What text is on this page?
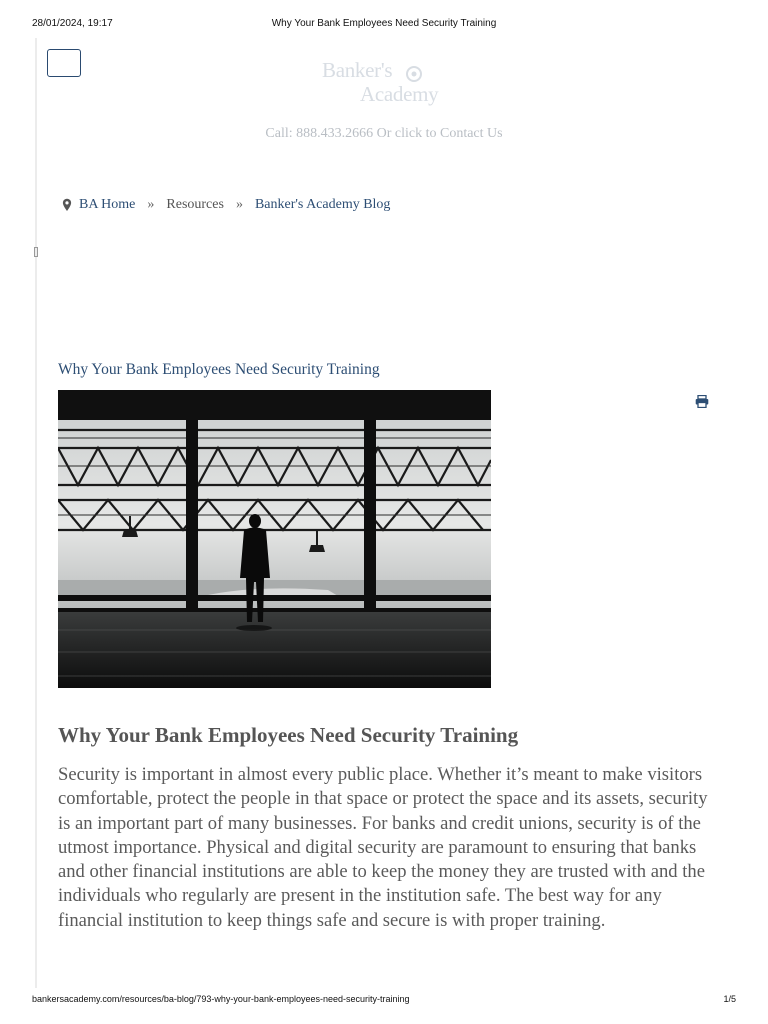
28/01/2024, 19:17	Why Your Bank Employees Need Security Training
Banker's
Academy
Call: 888.433.2666 Or click to Contact Us
BA Home » Resources » Banker's Academy Blog
Why Your Bank Employees Need Security Training
Why Your Bank Employees Need Security Training

Security is important in almost every public place. Whether it’s meant to make visitors comfortable, protect the people in that space or protect the space and its assets, security is an important part of many businesses. For banks and credit unions, security is of the utmost importance. Physical and digital security are paramount to ensuring that banks and other financial institutions are able to keep the money they are trusted with and the individuals who regularly are present in the institution safe. The best way for any financial institution to keep things safe and secure is with proper training.

bankersacademy.com/resources/ba-blog/793-why-your-bank-employees-need-security-training	1/5
